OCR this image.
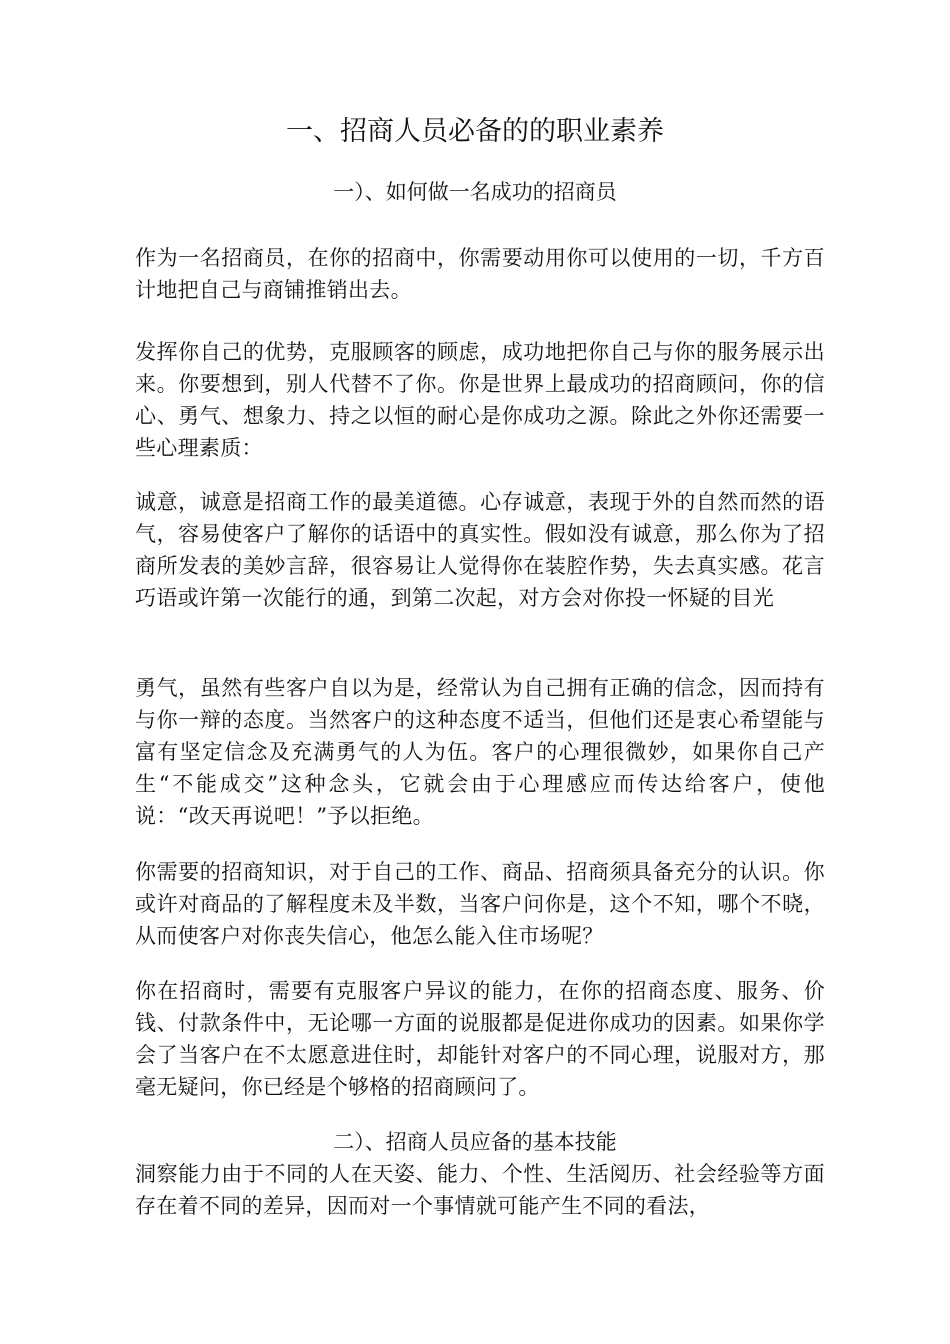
一、招商人员必备的的职业素养
一）、如何做一名成功的招商员

作为一名招商员，在你的招商中，你需要动用你可以使用的一切，千方百计地把自己与商铺推销出去。

发挥你自己的优势，克服顾客的顾虑，成功地把你自己与你的服务展示出来。你要想到，别人代替不了你。你是世界上最成功的招商顾问，你的信心、勇气、想象力、持之以恒的耐心是你成功之源。除此之外你还需要一些心理素质：

诚意，诚意是招商工作的最美道德。心存诚意，表现于外的自然而然的语气，容易使客户了解你的话语中的真实性。假如没有诚意，那么你为了招商所发表的美妙言辞，很容易让人觉得你在装腔作势，失去真实感。花言巧语或许第一次能行的通，到第二次起，对方会对你投一怀疑的目光

勇气，虽然有些客户自以为是，经常认为自己拥有正确的信念，因而持有与你一辩的态度。当然客户的这种态度不适当，但他们还是衷心希望能与富有坚定信念及充满勇气的人为伍。客户的心理很微妙，如果你自己产生“不能成交”这种念头，它就会由于心理感应而传达给客户，使他说：“改天再说吧！”予以拒绝。

你需要的招商知识，对于自己的工作、商品、招商须具备充分的认识。你或许对商品的了解程度未及半数，当客户问你是，这个不知，哪个不晓，从而使客户对你丧失信心，他怎么能入住市场呢？

你在招商时，需要有克服客户异议的能力，在你的招商态度、服务、价钱、付款条件中，无论哪一方面的说服都是促进你成功的因素。如果你学会了当客户在不太愿意进住时，却能针对客户的不同心理，说服对方，那毫无疑问，你已经是个够格的招商顾问了。

二）、招商人员应备的基本技能

洞察能力由于不同的人在天姿、能力、个性、生活阅历、社会经验等方面存在着不同的差异，因而对一个事情就可能产生不同的看法，
